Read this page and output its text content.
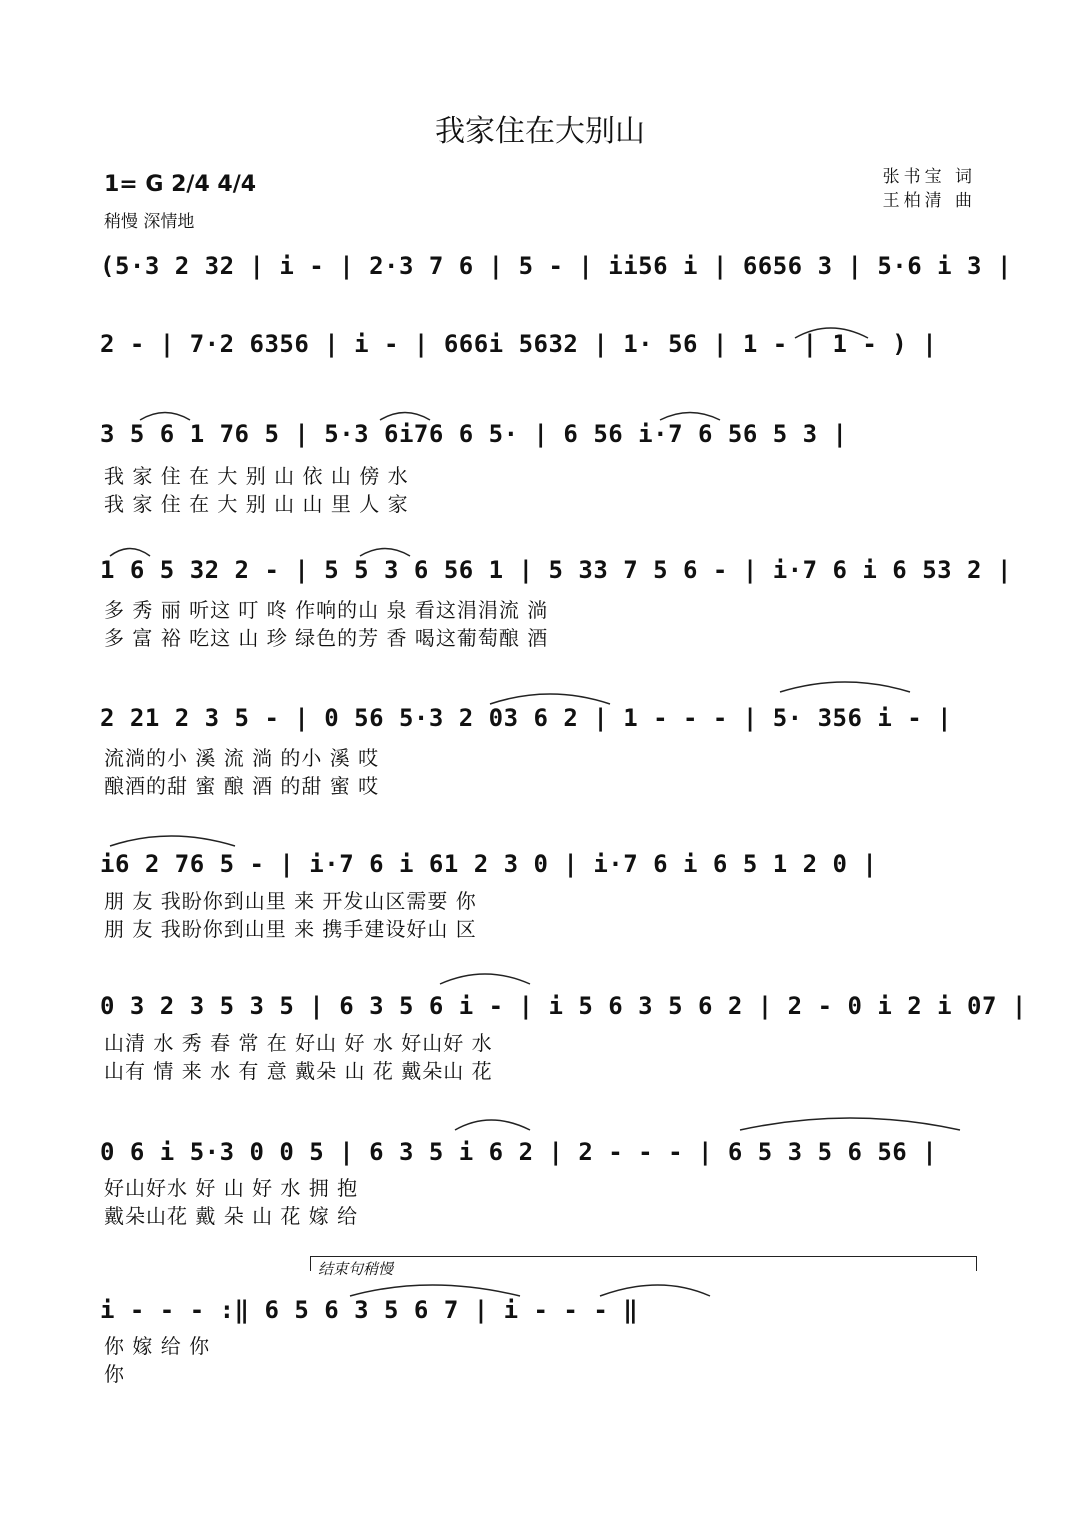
我家住在大别山
1= G 2/4 4/4
稍慢 深情地
张书宝 词
王柏清 曲
(5·3 2 32 | i - | 2·3 7 6 | 5 - | ii56 i | 6656 3 | 5·6 i 3 |
2 - | 7·2 6356 | i - | 666i 5632 | 1· 56 | 1 - | 1 - ) |
3 5 6 1 76 5 | 5·3 6i76 6 5· | 6 56 i·7 6 56 5 3 |
我 家 住 在 大 别 山 依 山 傍 水
我 家 住 在 大 别 山 山 里 人 家
1 6 5 32 2 - | 5 5 3 6 56 1 | 5 33 7 5 6 - | i·7 6 i 6 53 2 |
多 秀 丽 听这 叮 咚 作响的山 泉 看这涓涓流 淌
多 富 裕 吃这 山 珍 绿色的芳 香 喝这葡萄酿 酒
2 21 2 3 5 - | 0 56 5·3 2 03 6 2 | 1 - - - | 5· 356 i - |
流淌的小 溪 流 淌 的小 溪 哎
酿酒的甜 蜜 酿 酒 的甜 蜜 哎
i6 2 76 5 - | i·7 6 i 61 2 3 0 | i·7 6 i 6 5 1 2 0 |
朋 友 我盼你到山里 来 开发山区需要 你
朋 友 我盼你到山里 来 携手建设好山 区
0 3 2 3 5 3 5 | 6 3 5 6 i - | i 5 6 3 5 6 2 | 2 - 0 i 2 i 07 |
山清 水 秀 春 常 在 好山 好 水 好山好 水
山有 情 来 水 有 意 戴朵 山 花 戴朵山 花
0 6 i 5·3 0 0 5 | 6 3 5 i 6 2 | 2 - - - | 6 5 3 5 6 56 |
好山好水 好 山 好 水 拥 抱
戴朵山花 戴 朵 山 花 嫁 给
结束句稍慢
i - - - :‖ 6 5 6 3 5 6 7 | i - - - ‖
你 嫁 给 你
你
